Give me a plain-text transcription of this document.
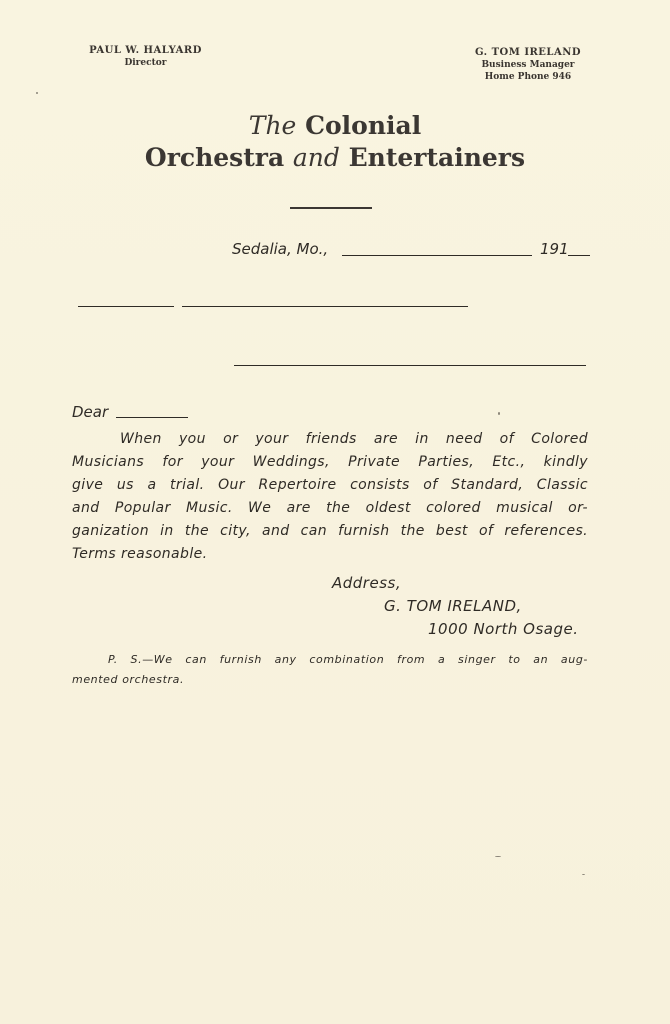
PAUL W. HALYARD
Director
G. TOM IRELAND
Business Manager
Home Phone 946
The Colonial
Orchestra and Entertainers
Sedalia, Mo.,	191
Dear
When you or your friends are in need of Colored
Musicians for your Weddings, Private Parties, Etc., kindly
give us a trial. Our Repertoire consists of Standard, Classic
and Popular Music. We are the oldest colored musical or-
ganization in the city, and can furnish the best of references.
Terms reasonable.
Address,
G. TOM IRELAND,
1000 North Osage.
P. S.—We can furnish any combination from a singer to an aug-
mented orchestra.
